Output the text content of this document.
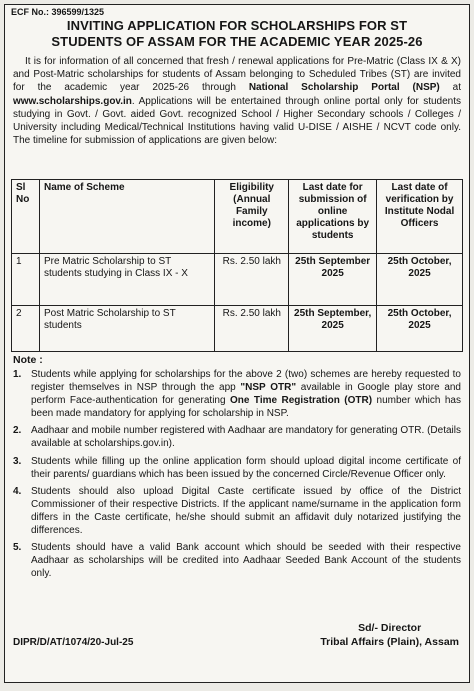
ECF No.: 396599/1325
INVITING APPLICATION FOR SCHOLARSHIPS FOR ST
STUDENTS OF ASSAM FOR THE ACADEMIC YEAR 2025-26
It is for information of all concerned that fresh / renewal applications for Pre-Matric (Class IX & X) and Post-Matric scholarships for students of Assam belonging to Scheduled Tribes (ST) are invited for the academic year 2025-26 through National Scholarship Portal (NSP) at www.scholarships.gov.in. Applications will be entertained through online portal only for students studying in Govt. / Govt. aided Govt. recognized School / Higher Secondary schools / Colleges / University including Medical/Technical Institutions having valid U-DISE / AISHE / NCVT code only. The timeline for submission of applications are given below:
Sl No	Name of Scheme	Eligibility (Annual Family income)	Last date for submission of online applications by students	Last date of verification by Institute Nodal Officers
1	Pre Matric Scholarship to ST students studying in Class IX - X	Rs. 2.50 lakh	25th September 2025	25th October, 2025
2	Post Matric Scholarship to ST students	Rs. 2.50 lakh	25th September, 2025	25th October, 2025
Note :
1. Students while applying for scholarships for the above 2 (two) schemes are hereby requested to register themselves in NSP through the app "NSP OTR" available in Google play store and perform Face-authentication for generating One Time Registration (OTR) number which has been made mandatory for applying for scholarship in NSP.
2. Aadhaar and mobile number registered with Aadhaar are mandatory for generating OTR. (Details available at scholarships.gov.in).
3. Students while filling up the online application form should upload digital income certificate of their parents/ guardians which has been issued by the concerned Circle/Revenue Officer only.
4. Students should also upload Digital Caste certificate issued by office of the District Commissioner of their respective Districts. If the applicant name/surname in the application form differs in the Caste certificate, he/she should submit an affidavit duly notarized justifying the differences.
5. Students should have a valid Bank account which should be seeded with their respective Aadhaar as scholarships will be credited into Aadhaar Seeded Bank Account of the students only.
Sd/- Director
Tribal Affairs (Plain), Assam
DIPR/D/AT/1074/20-Jul-25
